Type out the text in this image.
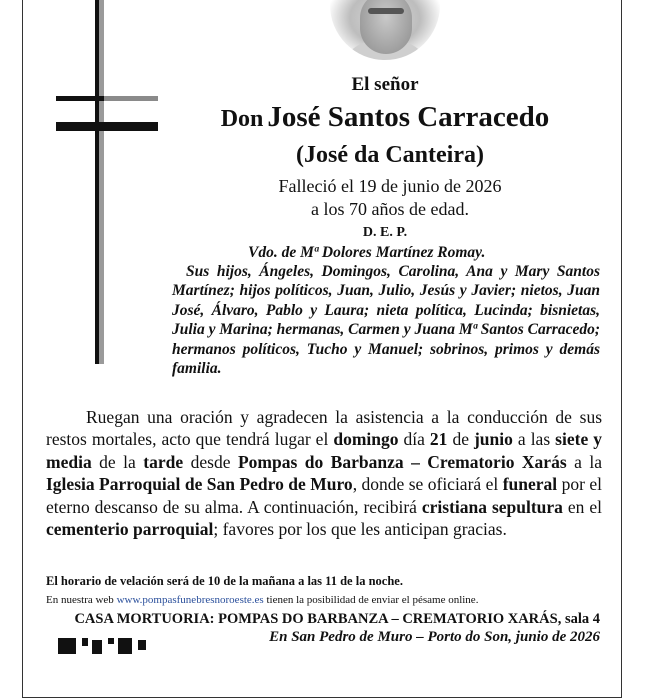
El señor
Don José Santos Carracedo
(José da Canteira)
Falleció el 19 de junio de 2026
a los 70 años de edad.
D. E. P.
Vdo. de Mª Dolores Martínez Romay.
Sus hijos, Ángeles, Domingos, Carolina, Ana y Mary Santos Martínez; hijos políticos, Juan, Julio, Jesús y Javier; nietos, Juan José, Álvaro, Pablo y Laura; nieta política, Lucinda; bisnietas, Julia y Marina; hermanas, Carmen y Juana Mª Santos Carracedo; hermanos políticos, Tucho y Manuel; sobrinos, primos y demás familia.
Ruegan una oración y agradecen la asistencia a la conducción de sus restos mortales, acto que tendrá lugar el domingo día 21 de junio a las siete y media de la tarde desde Pompas do Barbanza – Crematorio Xarás a la Iglesia Parroquial de San Pedro de Muro, donde se oficiará el funeral por el eterno descanso de su alma. A continuación, recibirá cristiana sepultura en el cementerio parroquial; favores por los que les anticipan gracias.
El horario de velación será de 10 de la mañana a las 11 de la noche.
En nuestra web www.pompasfunebresnoroeste.es tienen la posibilidad de enviar el pésame online.
CASA MORTUORIA: POMPAS DO BARBANZA – CREMATORIO XARÁS, sala 4
En San Pedro de Muro – Porto do Son, junio de 2026
